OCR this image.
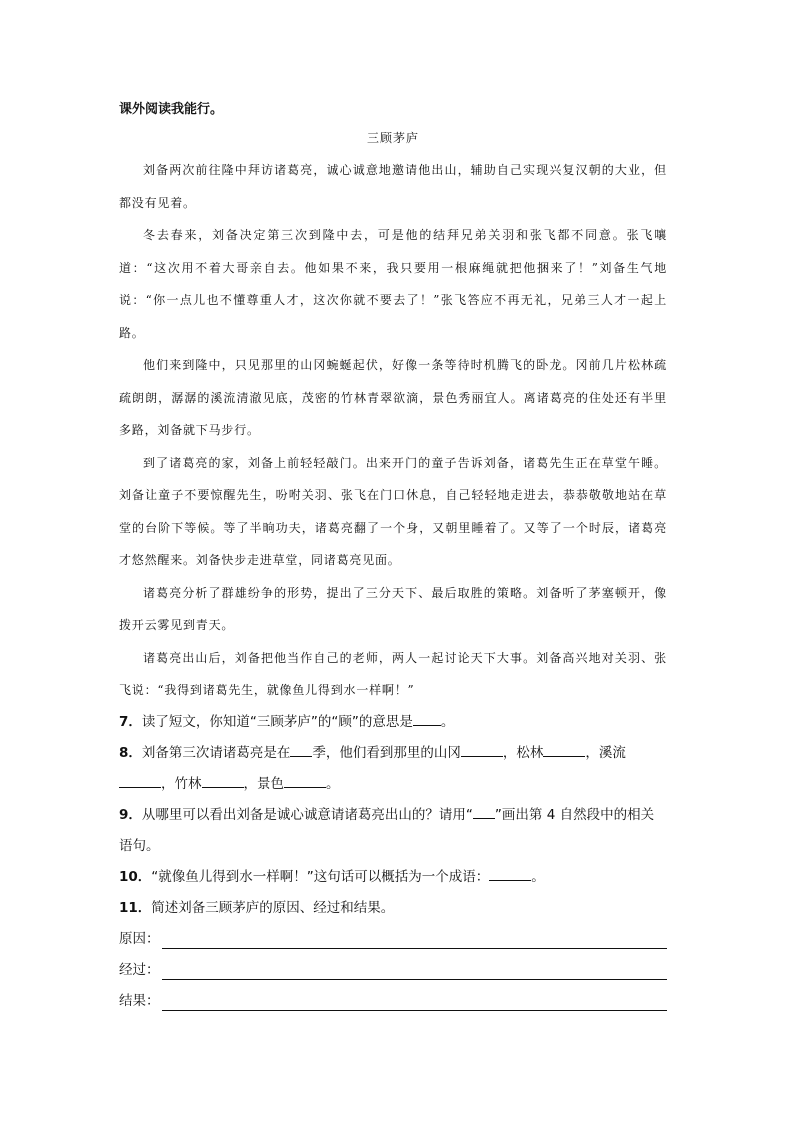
课外阅读我能行。
三顾茅庐

刘备两次前往隆中拜访诸葛亮，诚心诚意地邀请他出山，辅助自己实现兴复汉朝的大业，但都没有见着。

冬去春来，刘备决定第三次到隆中去，可是他的结拜兄弟关羽和张飞都不同意。张飞嚷道：“这次用不着大哥亲自去。他如果不来，我只要用一根麻绳就把他捆来了！”刘备生气地说：“你一点儿也不懂尊重人才，这次你就不要去了！”张飞答应不再无礼，兄弟三人才一起上路。

他们来到隆中，只见那里的山冈蜿蜒起伏，好像一条等待时机腾飞的卧龙。冈前几片松林疏疏朗朗，潺潺的溪流清澈见底，茂密的竹林青翠欲滴，景色秀丽宜人。离诸葛亮的住处还有半里多路，刘备就下马步行。

到了诸葛亮的家，刘备上前轻轻敲门。出来开门的童子告诉刘备，诸葛先生正在草堂午睡。刘备让童子不要惊醒先生，吩咐关羽、张飞在门口休息，自己轻轻地走进去，恭恭敬敬地站在草堂的台阶下等候。等了半晌功夫，诸葛亮翻了一个身，又朝里睡着了。又等了一个时辰，诸葛亮才悠然醒来。刘备快步走进草堂，同诸葛亮见面。

诸葛亮分析了群雄纷争的形势，提出了三分天下、最后取胜的策略。刘备听了茅塞顿开，像拨开云雾见到青天。

诸葛亮出山后，刘备把他当作自己的老师，两人一起讨论天下大事。刘备高兴地对关羽、张飞说：“我得到诸葛先生，就像鱼儿得到水一样啊！”

7．读了短文，你知道“三顾茅庐”的“顾”的意思是 。

8．刘备第三次请诸葛亮是在 季，他们看到那里的山冈	，松林	，溪流
，竹林	，景色	。

9．从哪里可以看出刘备是诚心诚意请诸葛亮出山的？请用“ ”画出第 4 自然段中的相关语句。

10．“就像鱼儿得到水一样啊！”这句话可以概括为一个成语：	。

11．简述刘备三顾茅庐的原因、经过和结果。

原因：
经过：
结果：
